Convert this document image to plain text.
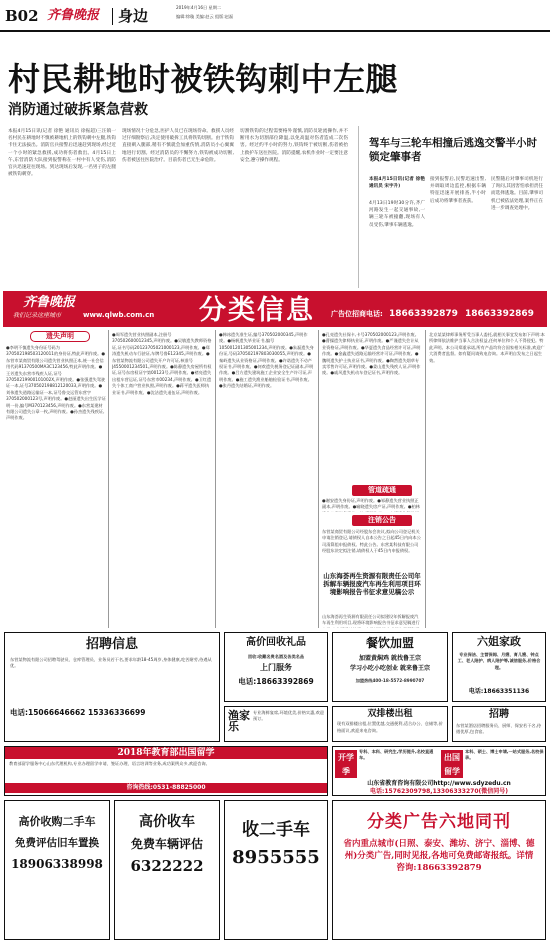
B02 齐鲁晚报 身边	2019年4月16日 星期二
编辑:徐璇 美编:赵云 组版:赵磊
村民耕地时被铁钩刺中左腿
消防通过破拆紧急营救
本报4月15日讯(记者 徐艳 通讯员 徐振超)三汪镇一名村民在耕地时不慎被耕地机上的铁钩刺中左腿,铁钩卡住无法拔出。消防官兵接警后迅速赶到现场,经过近一个小时的紧急救援,成功将伤者救出。4月15日上午,东营消防大队接到报警称在一村中有人受伤,消防官兵迅速赶往现场。到达现场后发现,一名男子的左腿被铁钩刺穿。
现场情况十分危急,医护人员已在现场待命。救援人员经过仔细勘察后,决定使用破拆工具将铁钩切断。由于铁钩直接刺入腿部,稍有不慎就会加重伤情,消防员小心翼翼地进行切割。经过消防员的不懈努力,铁钩被成功切断,伤者被送往医院治疗。目前伤者已无生命危险。
切割铁钩的过程需要格外谨慎,消防员轮流操作,并不断用水为切割部位降温,以免高温对伤者造成二次伤害。经过约半小时的努力,铁钩终于被切断,伤者被抬上救护车送往医院。消防提醒,农机作业时一定要注意安全,遵守操作规程。
驾车与三轮车相撞后逃逸交警半小时锁定肇事者
本报4月15日讯(记者 徐艳 通讯员 宋宇升)
4月13日19时30分许,齐广河路发生一起交通事故,一辆三轮车被撞翻,现场有人员受伤,肇事车辆逃逸。
接到报警后,民警迅速出警,并调取周边监控,根据车辆特征迅速开展排查,半小时后成功将肇事者查获。
民警随后对肇事司机进行了询问,其因害怕承担责任而选择逃逸。目前,肇事司机已被依法处理,案件正在进一步调查处理中。
齐鲁晚报
我们记录这座城市	www.qlwb.com.cn 分类信息 广告位招商电话: 18663392879 18663392869
遗失声明
●李明不慎遗失身份证号码为370502198503120011的身份证,特此声明作废。●东营市某商贸有限公司遗失营业执照正本,统一社会信用代码91370500MA3C123456,特此声明作废。●王芳遗失东营市残疾人证,证号37050219900101002X,声明作废。●张强遗失驾驶证一本,证号370502198812120033,声明作废。●刘伟遗失道路运输证一本,证号鲁交运管东营字370502000123号,声明作废。●赵丽遗失出生医学证明一份,编号M370123456,声明作废。●东营某建材有限公司遗失公章一枚,声明作废。●孙杰遗失残疾证,声明作废。
●周军遗失营业执照副本,注册号370502600012345,声明作废。●吴敏遗失教师资格证,证书号码20123705021000123,声明作废。●郑涛遗失机动车行驶证,车牌号鲁E12345,声明作废。●东营某物流有限公司遗失开户许可证,核准号J4550001234501,声明作废。●陈静遗失房屋所有权证,证号东房权证字第00123号,声明作废。●褚亮遗失出租车营运证,证号东营市00234,声明作废。●卫红遗失个体工商户营业执照,声明作废。●蒋平遗失医师执业证书,声明作废。●沈洁遗失退伍证,声明作废。
●韩冰遗失准生证,编号370502000345,声明作废。●杨帆遗失毕业证书,编号105001201305001234,声明作废。●朱磊遗失身份证,号码370502197803030055,声明作废。●秦岭遗失从业资格证,声明作废。●许诺遗失不动产权证书,声明作废。●何欢遗失税务登记证副本,声明作废。●吕方遗失建筑施工企业安全生产许可证,声明作废。●施工遗失渔业船舶检验证书,声明作废。●张丹遗失结婚证,声明作废。
●孔亮遗失社保卡,卡号370502000123,声明作废。●曹操遗失律师执业证,声明作废。●严谨遗失会计从业资格证,声明作废。●华夏遗失食品经营许可证,声明作废。●金鑫遗失道路运输经营许可证,声明作废。●魏明遗失护士执业证书,声明作废。●陶然遗失烟草专卖零售许可证,声明作废。●姜山遗失残疾人证,声明作废。●戚风遗失机动车登记证书,声明作废。
管道疏通
●谢安遗失身份证,声明作废。●邹静遗失营业执照正副本,声明作废。●喻晓遗失房产证,声明作废。●柏林
注销公告
东营某商贸有限公司经股东会决议,拟向公司登记机关申请注销登记,请债权人自本公告之日起45日内向本公司清算组申报债权。特此公告。东营某科技有限公司经股东决定拟注销,请债权人于45日内申报债权。
山东海荟再生资源有限责任公司年拆解车辆报废汽车再生利用项目环境影响报告书征求意见稿公示
山东海荟再生资源有限责任公司拟建设年拆解报废汽车再生利用项目,现将环境影响报告书征求意见稿进行
北京某某律师事务所受当事人委托,就相关事宜发布如下声明:本所律师依法维护当事人合法权益,任何单位和个人不得侵犯。特此声明。本公司郑重承诺,所有产品均符合国家相关标准,欢迎广大消费者监督。如有疑问请致电咨询。本声明自发布之日起生效。
招聘信息
东营某物流有限公司招聘驾驶员、仓库管理员、业务员若干名,要求年龄18-45周岁,身体健康,吃苦耐劳,待遇从优。
电话:15066646662 15336336699
高价回收礼品
回收:收藏名贵名酒及各类名品
上门服务
电话:18663392869
餐饮加盟
加盟黄焖鸡 就找鲁王宗
学习小吃小吃创业 就来鲁王宗
加盟热线400-18-5572-8990707
六姐家政
专业保洁、主营保姆、月嫂、育儿嫂、钟点工、老人陪护、病人陪护等,诚信服务,价格合理。
电话:18663351136
渔家乐
专业海鲜宴席,环境优美,价格实惠,欢迎预订。	双排楼出租
现有双排楼出租,位置优越,交通便利,适合办公、仓储等,价格面议,欢迎来电咨询。
招聘
东营某酒店招聘服务员、厨师、保安若干名,待遇优厚,包食宿。
2018年教育部出国留学
教育部留学服务中心山东代理机构,专业办理留学申请、签证办理、语言培训等业务,成功案例众多,欢迎咨询。
咨询热线:0531-88825000
开学季
专科、本科、研究生,学历提升,名校直通车。	出国留学
本科、硕士、博士申请,一站式服务,名校保录。
山东省教育咨询有限公司http://www.sdyzedu.cn
电话:15762309798,13306333270(微信同号)
高价收购二手车
免费评估旧车置换
18906338998
高价收车
免费车辆评估
6322222
收二手车
8955555
分类广告六地同刊
省内重点城市(日照、泰安、潍坊、济宁、淄博、德州)分类广告,同时见报,各地可免费邮寄报纸。详情咨询:18663392879
